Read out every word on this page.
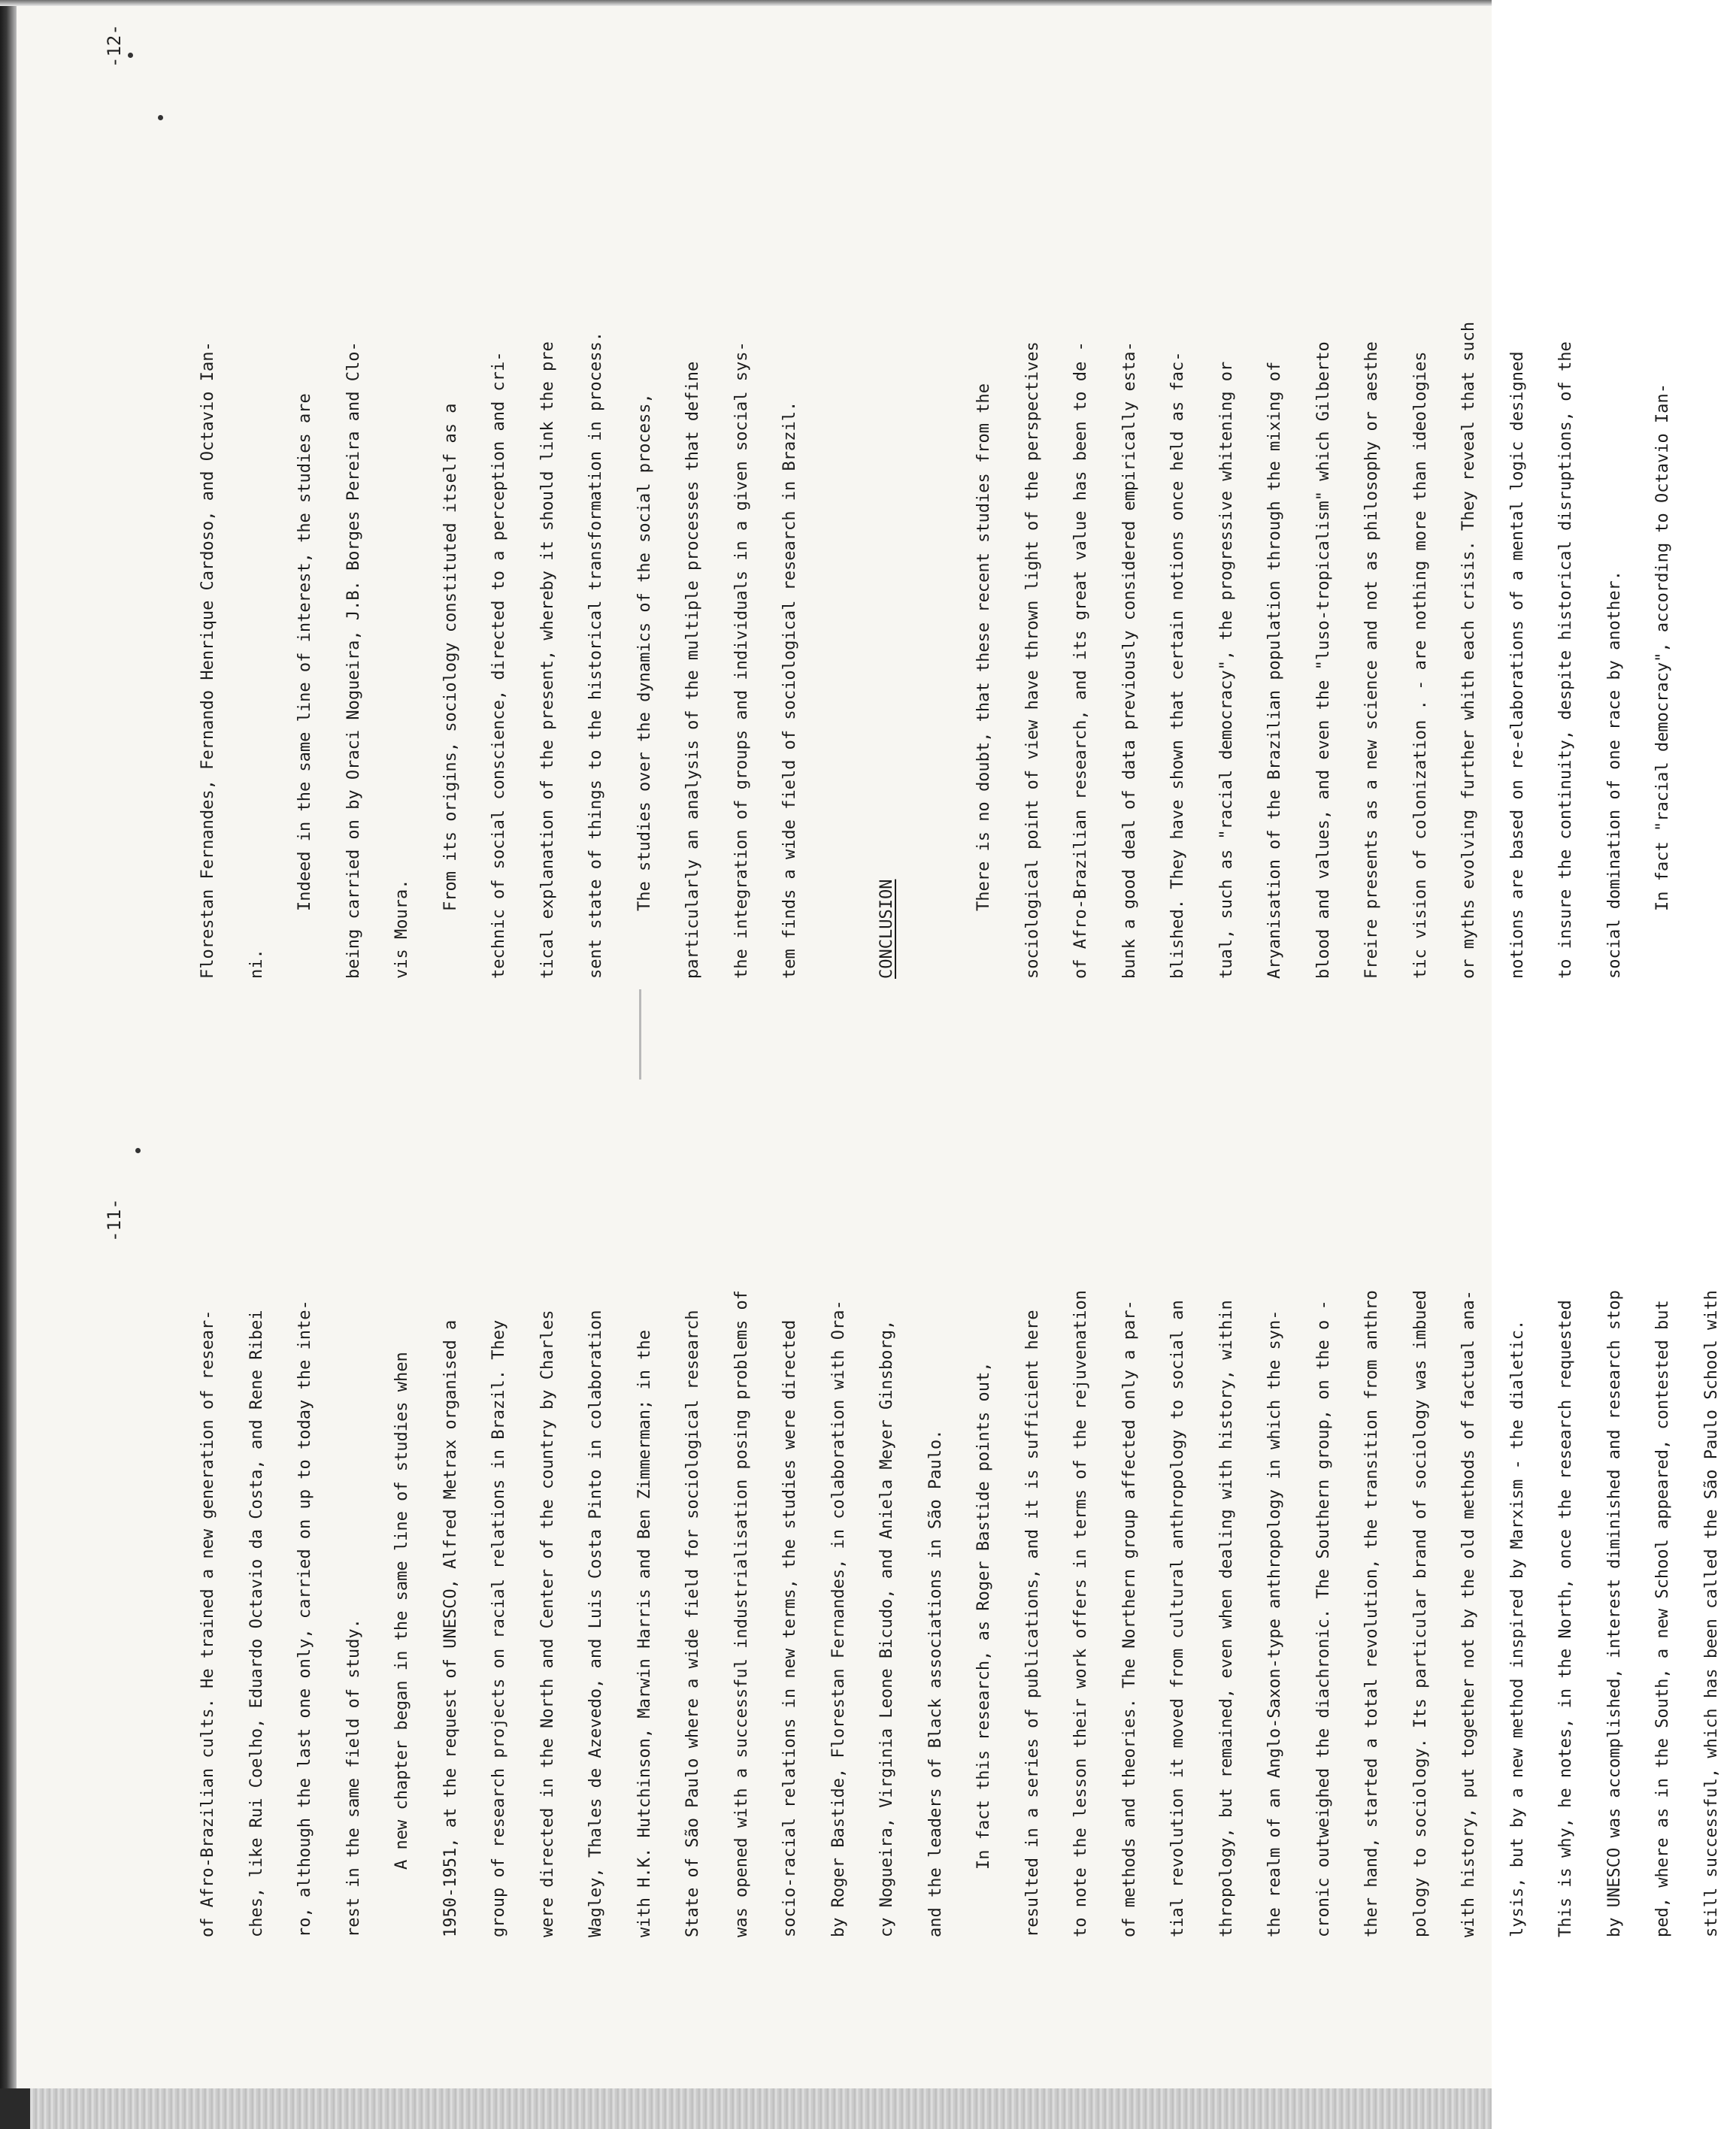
-11-
-12-

of Afro-Brazilian cults. He trained a new generation of resear-	ches, like Rui Coelho, Eduardo Octavio da Costa, and Rene Ribei	ro, although the last one only, carried on up to today the inte-	rest in the same field of study.	A new chapter began in the same line of studies when	1950-1951, at the request of UNESCO, Alfred Metrax organised a	group of research projects on racial relations in Brazil. They	were directed in the North and Center of the country by Charles	Wagley, Thales de Azevedo, and Luis Costa Pinto in colaboration	with H.K. Hutchinson, Marwin Harris and Ben Zimmerman; in the	State of São Paulo where a wide field for sociological research	was opened with a successful industrialisation posing problems of	socio-racial relations in new terms, the studies were directed	by Roger Bastide, Florestan Fernandes, in colaboration with Ora-	cy Nogueira, Virginia Leone Bicudo, and Aniela Meyer Ginsborg,	and the leaders of Black associations in São Paulo.	In fact this research, as Roger Bastide points out,	resulted in a series of publications, and it is sufficient here	to note the lesson their work offers in terms of the rejuvenation	of methods and theories. The Northern group affected only a par-	tial revolution it moved from cultural anthropology to social an	thropology, but remained, even when dealing with history, within	the realm of an Anglo-Saxon-type anthropology in which the syn-	cronic outweighed the diachronic. The Southern group, on the o -	ther hand, started a total revolution, the transition from anthro	pology to sociology. Its particular brand of sociology was imbued	with history, put together not by the old methods of factual ana-	lysis, but by a new method inspired by Marxism - the dialetic.	This is why, he notes, in the North, once the research requested	by UNESCO was accomplished, interest diminished and research stop	ped, where as in the South, a new School appeared, contested but	still successful, which has been called the São Paulo School with

Florestan Fernandes, Fernando Henrique Cardoso, and Octavio Ian-	ni.

Indeed in the same line of interest, the studies are	being carried on by Oraci Nogueira, J.B. Borges Pereira and Clo-	vis Moura.

From its origins, sociology constituted itself as a	technic of social conscience, directed to a perception and cri-	tical explanation of the present, whereby it should link the pre	sent state of things to the historical transformation in process.	The studies over the dynamics of the social process,	particularly an analysis of the multiple processes that define	the integration of groups and individuals in a given social sys-	tem finds a wide field of sociological research in Brazil.	CONCLUSION

There is no doubt, that these recent studies from the	sociological point of view have thrown light of the perspectives	of Afro-Brazilian research, and its great value has been to de -	bunk a good deal of data previously considered empirically esta-	blished. They have shown that certain notions once held as fac-	tual, such as "racial democracy", the progressive whitening or	Aryanisation of the Brazilian population through the mixing of	blood and values, and even the "luso-tropicalism" which Gilberto	Freire presents as a new science and not as philosophy or aesthe	tic vision of colonization . - are nothing more than ideologies	or myths evolving further whith each crisis. They reveal that such	notions are based on re-elaborations of a mental logic designed	to insure the continuity, despite historical disruptions, of the	social domination of one race by another.	In fact "racial democracy", according to Octavio Ian-
